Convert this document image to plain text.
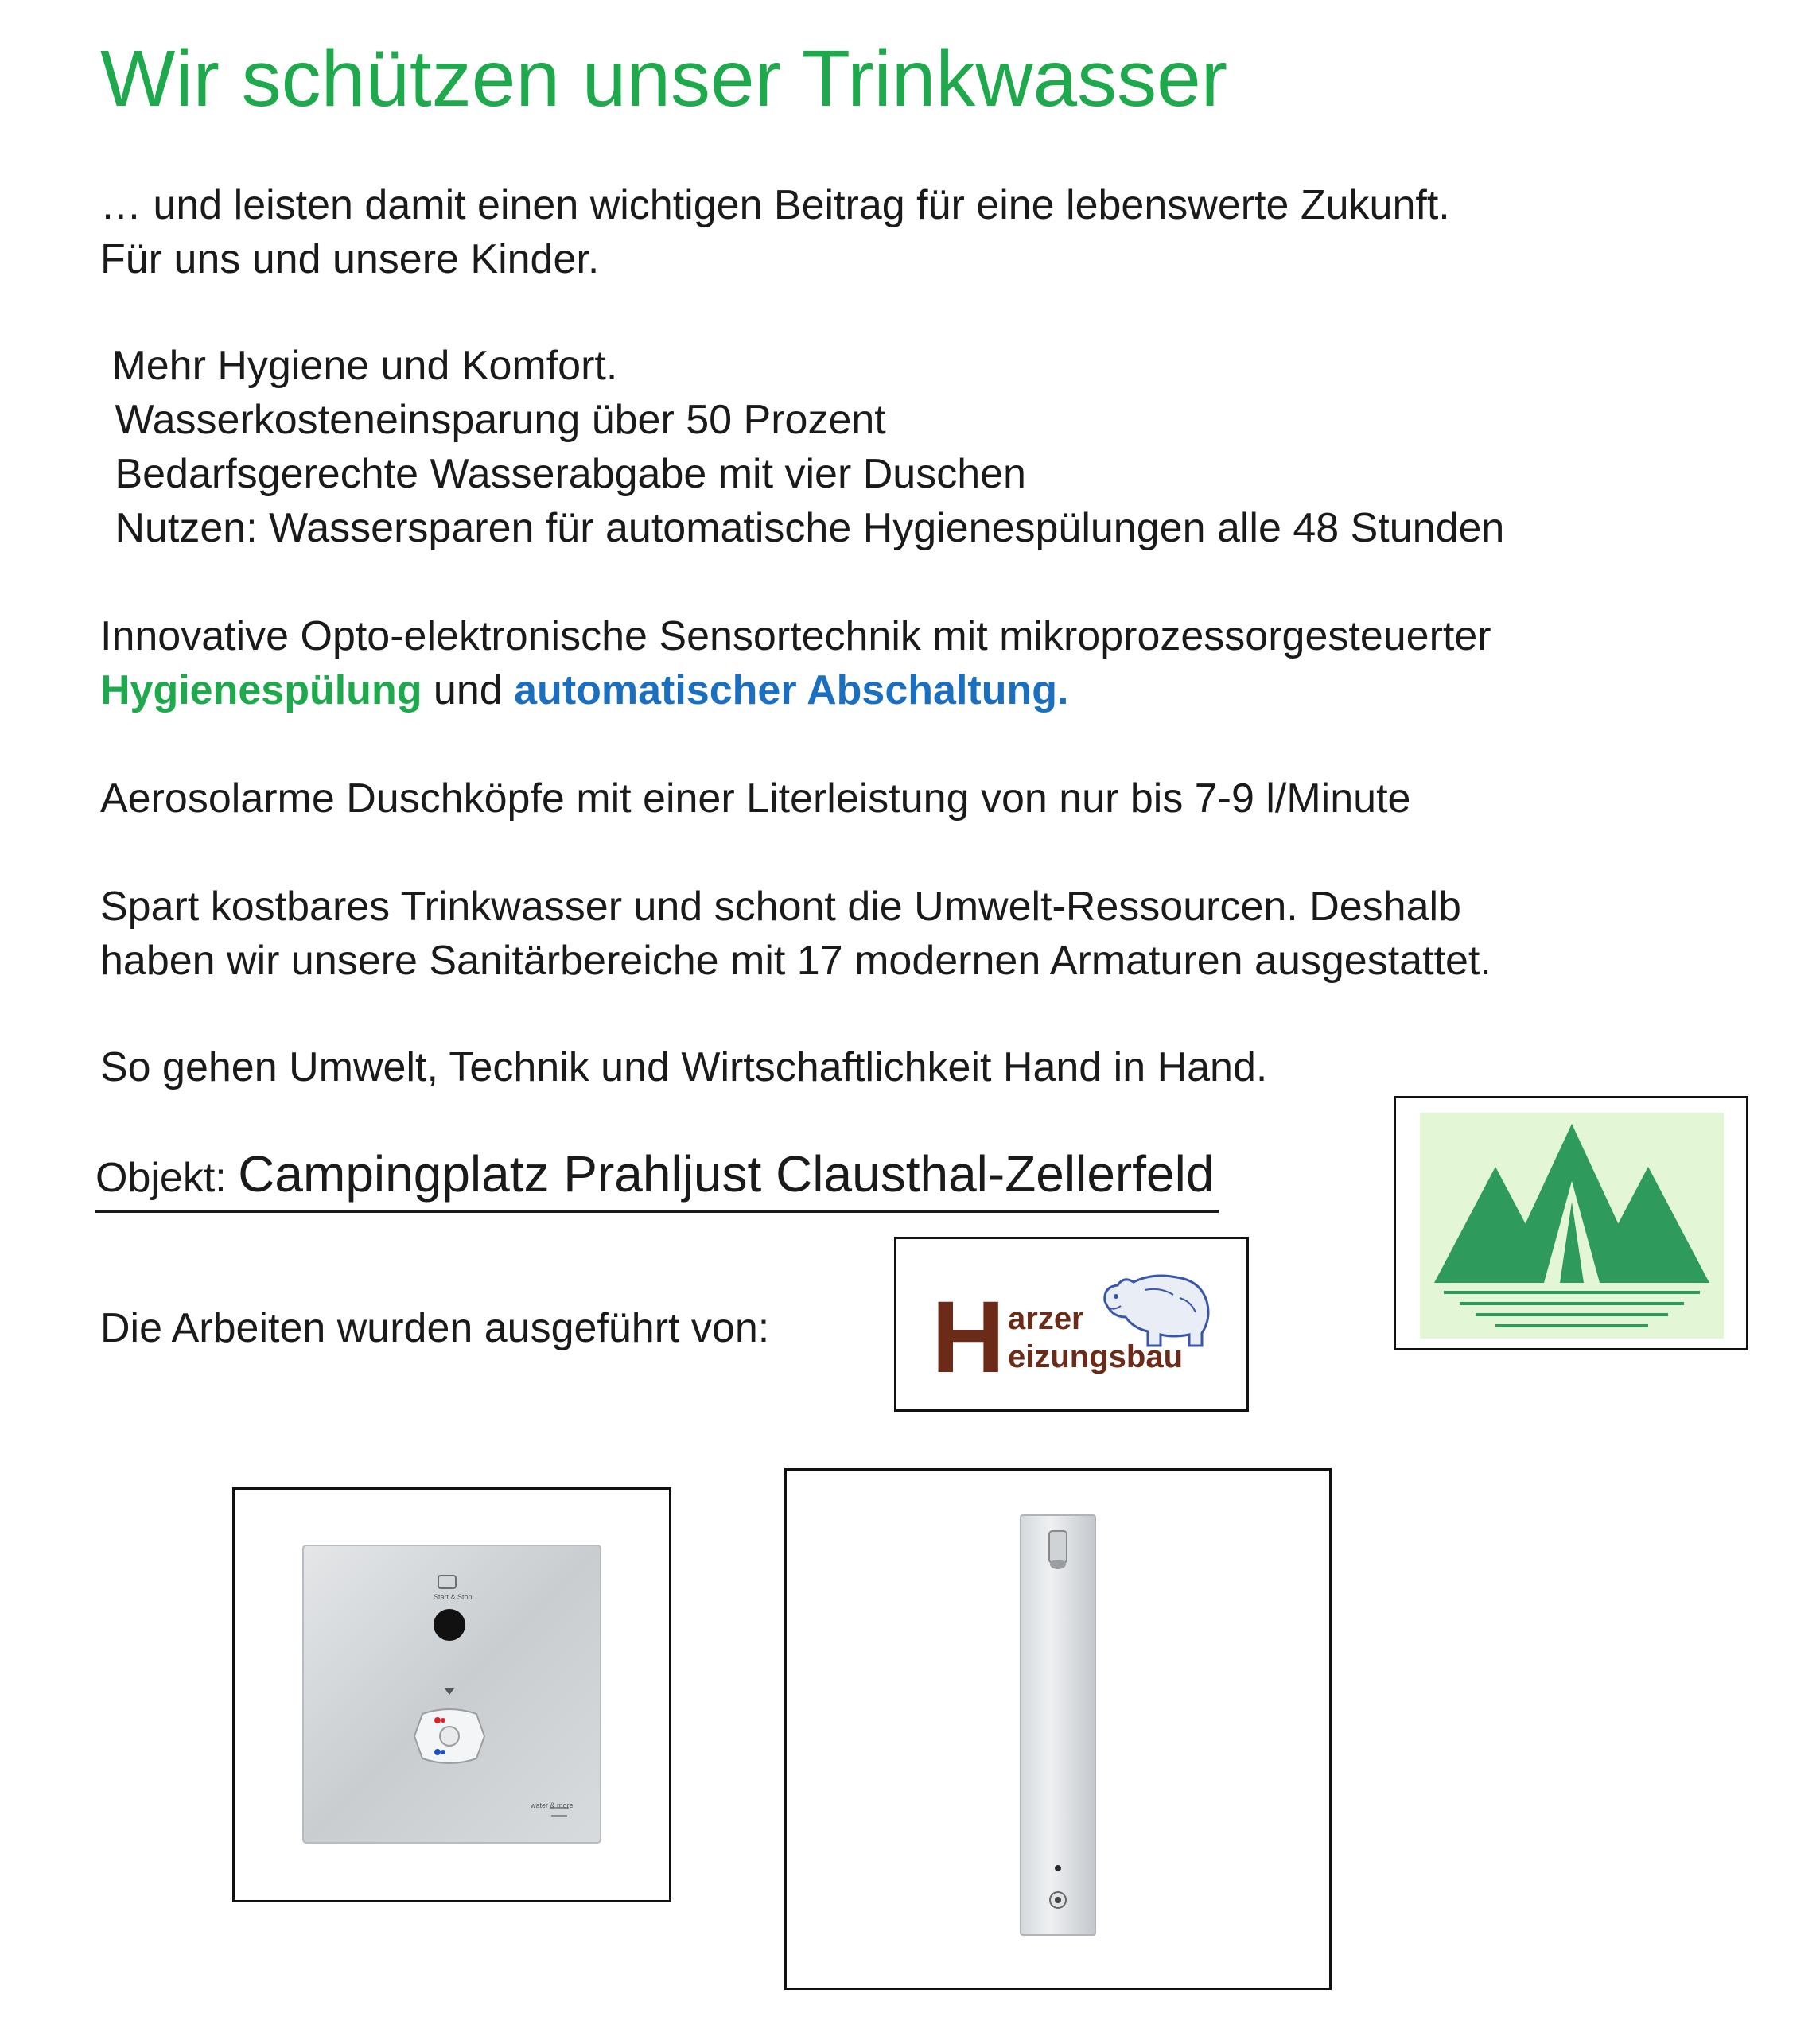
Wir schützen unser Trinkwasser
… und leisten damit einen wichtigen Beitrag für eine lebenswerte Zukunft.
Für uns und unsere Kinder.
Mehr Hygiene und Komfort.
Wasserkosteneinsparung über 50 Prozent
Bedarfsgerechte Wasserabgabe mit vier Duschen
Nutzen: Wassersparen für automatische Hygienespülungen alle 48 Stunden
Innovative Opto-elektronische Sensortechnik mit mikroprozessorgesteuerter
Hygienespülung und automatischer Abschaltung.
Aerosolarme Duschköpfe mit einer Literleistung von nur bis 7-9 l/Minute
Spart kostbares Trinkwasser und schont die Umwelt-Ressourcen. Deshalb
haben wir unsere Sanitärbereiche mit 17 modernen Armaturen ausgestattet.
So gehen Umwelt, Technik und Wirtschaftlichkeit Hand in Hand.
Objekt: Campingplatz Prahljust Clausthal-Zellerfeld
Die Arbeiten wurden ausgeführt von: H arzer
eizungsbau
Start & Stop
water & more
